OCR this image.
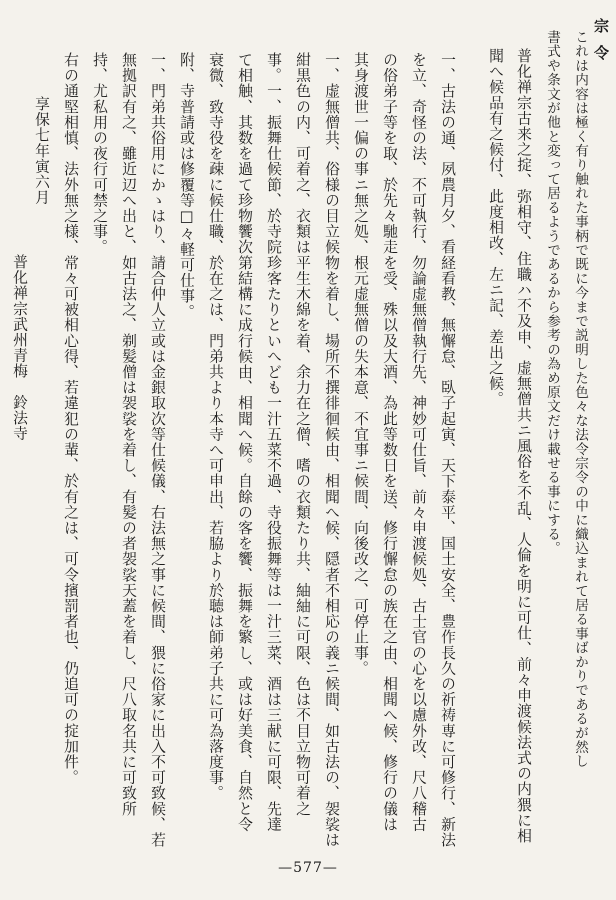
宗令
これは内容は極く有り触れた事柄で既に今まで説明した色々な法令宗令の中に織込まれて居る事ばかりであるが然し
書式や条文が他と変って居るようであるから参考の為め原文だけ載せる事にする。
普化禅宗古来之掟、弥相守、住職ハ不及申、虚無僧共ニ風俗を不乱、人倫を明に可仕、前々申渡候法式の内猥に相
聞へ候品有之候付、此度相改、左ニ記、差出之候。
一、古法の通、夙農月夕、看経看教、無懈怠、臥子起寅、天下泰平、国土安全、豊作長久の祈祷専に可修行、新法
を立、奇怪の法、不可執行、勿論虚無僧執行先、神妙可仕旨、前々申渡候処、古士官の心を以慮外改、尺八稽古
の俗弟子等を取、於先々馳走を受、殊以及大酒、為此等数日を送、修行懈怠の族在之由、相聞へ候、修行の儀は
其身渡世一偏の事ニ無之処、根元虚無僧の失本意、不宜事ニ候間、向後改之、可停止事。
一、虚無僧共、俗様の目立候物を着し、場所不撰徘徊候由、相聞へ候、隠者不相応の義ニ候間、如古法の、袈裟は
紺黒色の内、可着之、衣類は平生木綿を着、余力在之僧、嗜の衣類たり共、紬紬に可限、色は不目立物可着之
事。一、振舞仕候節、於寺院珍客たりといへども一汁五菜不過、寺役振舞等は一汁三菜、酒は三献に可限、先達
て相触、其数を過て珍物饗次第結構に成行候由、相聞へ候。自餘の客を饗、振舞を繁し、或は好美食、自然と令
衰微、致寺役を疎に候仕職、於在之は、門弟共より本寺へ可申出、若脇より於聴は師弟子共に可為落度事。
附、寺普請或は修覆等□々軽可仕事。
一、門弟共俗用にかゝはり、請合仲人立或は金銀取次等仕候儀、右法無之事に候間、猥に俗家に出入不可致候、若
無拠訳有之、雖近辺へ出と、如古法之、剃髪僧は袈裟を着し、有髪の者袈裟天蓋を着し、尺八取名共に可致所
持、尤私用の夜行可禁之事。
右の通堅相慎、法外無之様、常々可被相心得、若違犯の輩、於有之は、可令擯罰者也、仍追可の掟加件。
享保七年寅六月
普化禅宗武州青梅　鈴法寺
—577—
